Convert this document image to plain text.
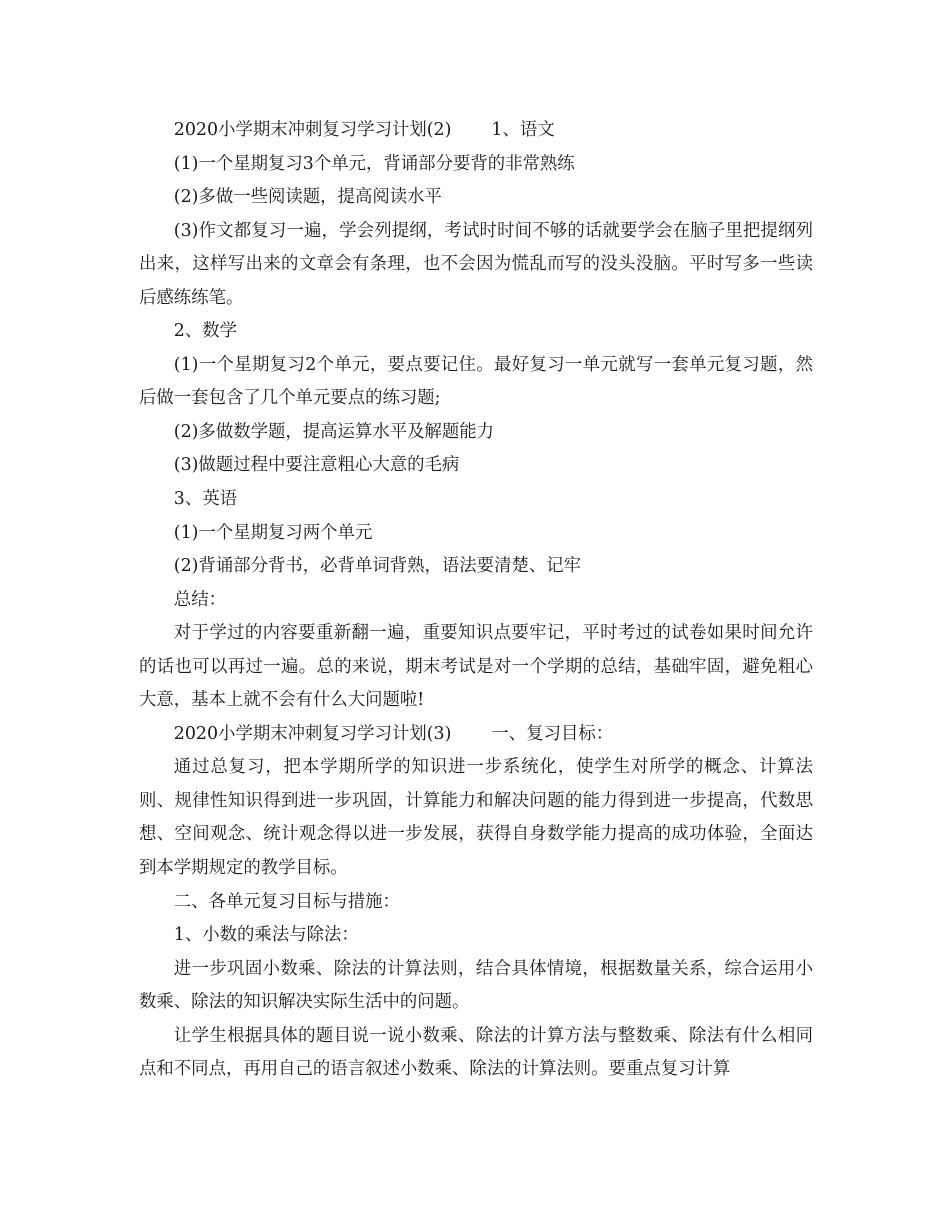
2020小学期末冲刺复习学习计划(2) 1、语文

(1)一个星期复习3个单元，背诵部分要背的非常熟练

(2)多做一些阅读题，提高阅读水平

(3)作文都复习一遍，学会列提纲，考试时时间不够的话就要学会在脑子里把提纲列出来，这样写出来的文章会有条理，也不会因为慌乱而写的没头没脑。平时写多一些读后感练练笔。

2、数学

(1)一个星期复习2个单元，要点要记住。最好复习一单元就写一套单元复习题，然后做一套包含了几个单元要点的练习题;

(2)多做数学题，提高运算水平及解题能力

(3)做题过程中要注意粗心大意的毛病

3、英语

(1)一个星期复习两个单元

(2)背诵部分背书，必背单词背熟，语法要清楚、记牢

总结：

对于学过的内容要重新翻一遍，重要知识点要牢记，平时考过的试卷如果时间允许的话也可以再过一遍。总的来说，期末考试是对一个学期的总结，基础牢固，避免粗心大意，基本上就不会有什么大问题啦!

2020小学期末冲刺复习学习计划(3) 一、复习目标：

通过总复习，把本学期所学的知识进一步系统化，使学生对所学的概念、计算法则、规律性知识得到进一步巩固，计算能力和解决问题的能力得到进一步提高，代数思想、空间观念、统计观念得以进一步发展，获得自身数学能力提高的成功体验，全面达到本学期规定的教学目标。

二、各单元复习目标与措施：

1、小数的乘法与除法：

进一步巩固小数乘、除法的计算法则，结合具体情境，根据数量关系，综合运用小数乘、除法的知识解决实际生活中的问题。

让学生根据具体的题目说一说小数乘、除法的计算方法与整数乘、除法有什么相同点和不同点，再用自己的语言叙述小数乘、除法的计算法则。要重点复习计算
